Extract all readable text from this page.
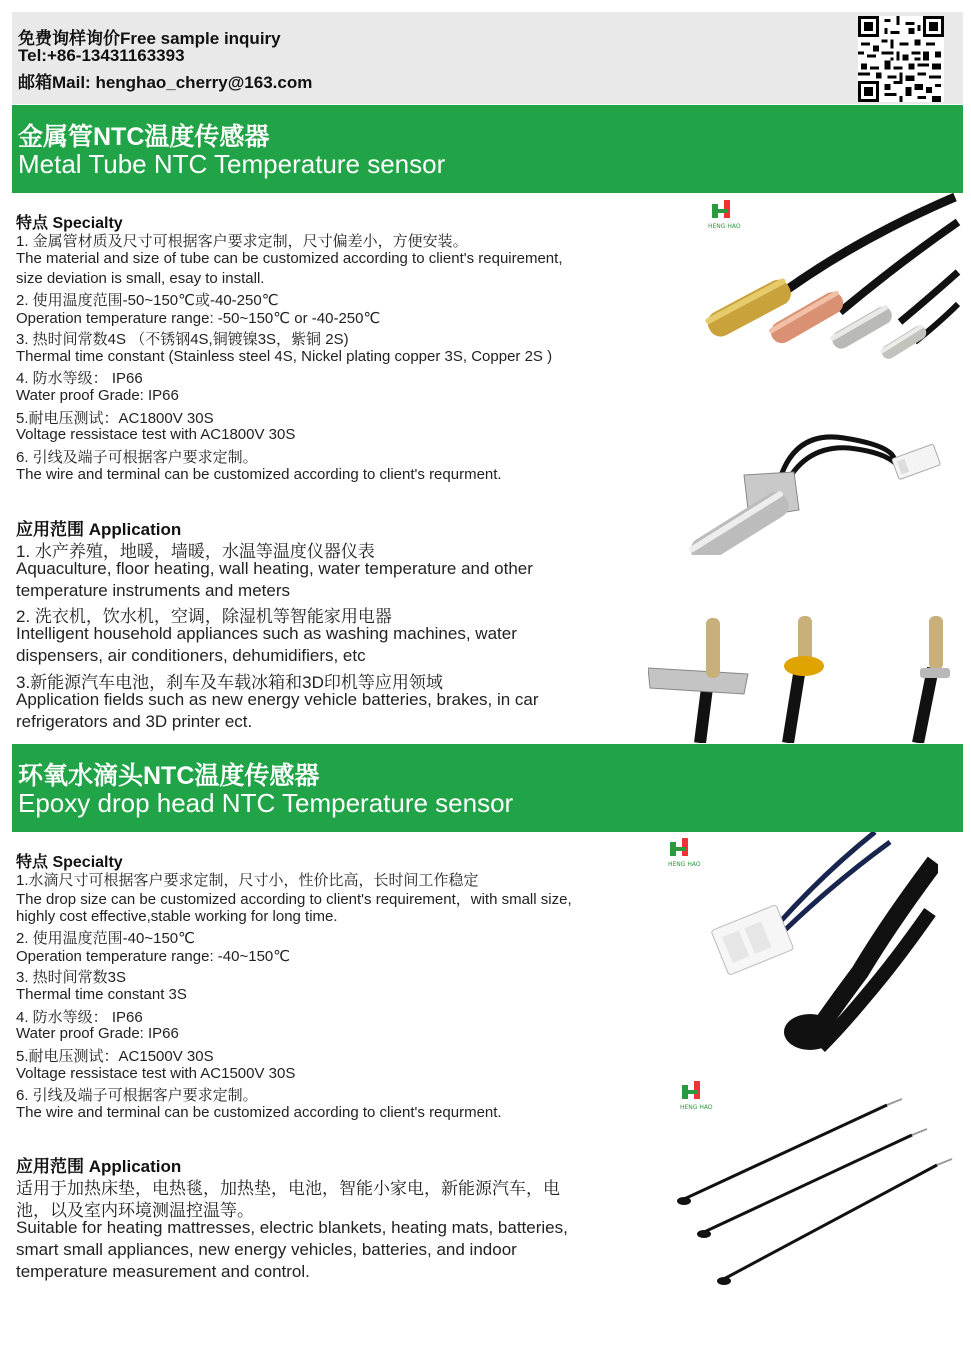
免费询样询价Free sample inquiry
Tel:+86-13431163393
邮箱Mail: henghao_cherry@163.com
金属管NTC温度传感器
Metal Tube NTC Temperature sensor
特点 Specialty
1. 金属管材质及尺寸可根据客户要求定制，尺寸偏差小，方便安装。
The material and size of tube can be customized according to client's requirement,
size deviation is small, esay to install.
2. 使用温度范围-50~150℃或-40-250℃
Operation temperature range: -50~150℃ or -40-250℃
3. 热时间常数4S （不锈钢4S,铜镀镍3S，紫铜 2S)
Thermal time constant (Stainless steel 4S, Nickel plating copper 3S, Copper 2S )
4. 防水等级： IP66
Water proof Grade: IP66
5.耐电压测试：AC1800V 30S
Voltage ressistace test with AC1800V 30S
6. 引线及端子可根据客户要求定制。
The wire and terminal can be customized according to client's requrment.
应用范围 Application
1. 水产养殖，地暖，墙暖，水温等温度仪器仪表
Aquaculture, floor heating, wall heating, water temperature and other
temperature instruments and meters
2. 洗衣机，饮水机，空调，除湿机等智能家用电器
Intelligent household appliances such as washing machines, water
dispensers, air conditioners, dehumidifiers, etc
3.新能源汽车电池，刹车及车载冰箱和3D印机等应用领域
Application fields such as new energy vehicle batteries, brakes, in car
refrigerators and 3D printer ect.
HENG HAO
环氧水滴头NTC温度传感器
Epoxy drop head NTC Temperature sensor
特点 Specialty
1.水滴尺寸可根据客户要求定制，尺寸小，性价比高，长时间工作稳定
The drop size can be customized according to client's requirement，with small size,
highly cost effective,stable working for long time.
2. 使用温度范围-40~150℃
Operation temperature range: -40~150℃
3. 热时间常数3S
Thermal time constant 3S
4. 防水等级： IP66
Water proof Grade: IP66
5.耐电压测试：AC1500V 30S
Voltage ressistace test with AC1500V 30S
6. 引线及端子可根据客户要求定制。
The wire and terminal can be customized according to client's requrment.
应用范围 Application
适用于加热床垫，电热毯，加热垫，电池，智能小家电，新能源汽车，电
池，以及室内环境测温控温等。
Suitable for heating mattresses, electric blankets, heating mats, batteries,
smart small appliances, new energy vehicles, batteries, and indoor
temperature measurement and control.
HENG HAO
HENG HAO
